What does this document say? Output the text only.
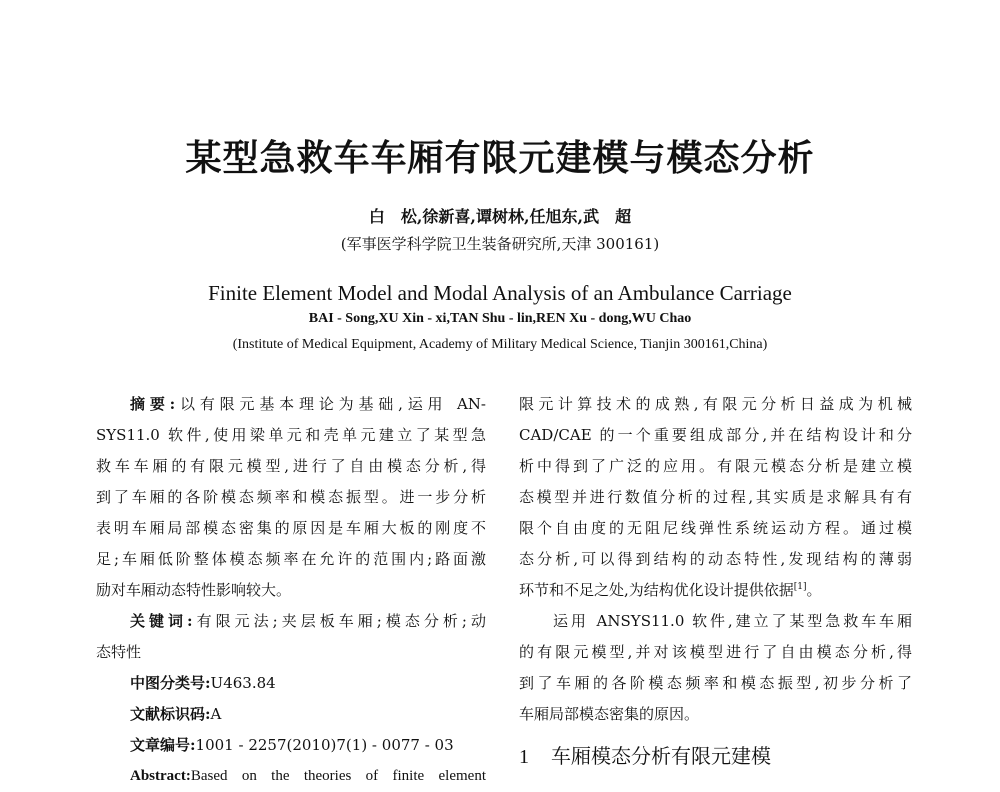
某型急救车车厢有限元建模与模态分析
白　松,徐新喜,谭树林,任旭东,武　超
(军事医学科学院卫生装备研究所,天津 300161)
Finite Element Model and Modal Analysis of an Ambulance Carriage
BAI - Song,XU Xin - xi,TAN Shu - lin,REN Xu - dong,WU Chao
(Institute of Medical Equipment, Academy of Military Medical Science, Tianjin 300161,China)
摘要:以有限元基本理论为基础,运用 AN-
SYS11.0 软件,使用梁单元和壳单元建立了某型急
救车车厢的有限元模型,进行了自由模态分析,得
到了车厢的各阶模态频率和模态振型。进一步分析
表明车厢局部模态密集的原因是车厢大板的刚度不
足;车厢低阶整体模态频率在允许的范围内;路面激
励对车厢动态特性影响较大。
关键词:有限元法;夹层板车厢;模态分析;动
态特性
中图分类号:U463.84
文献标识码:A
文章编号:1001 - 2257(2010)7(1) - 0077 - 03
Abstract:Based on the theories of finite element
限元计算技术的成熟,有限元分析日益成为机械
CAD/CAE 的一个重要组成部分,并在结构设计和分
析中得到了广泛的应用。有限元模态分析是建立模
态模型并进行数值分析的过程,其实质是求解具有有
限个自由度的无阻尼线弹性系统运动方程。通过模
态分析,可以得到结构的动态特性,发现结构的薄弱
环节和不足之处,为结构优化设计提供依据[1]。
运用 ANSYS11.0 软件,建立了某型急救车车厢
的有限元模型,并对该模型进行了自由模态分析,得
到了车厢的各阶模态频率和模态振型,初步分析了
车厢局部模态密集的原因。
1 车厢模态分析有限元建模
